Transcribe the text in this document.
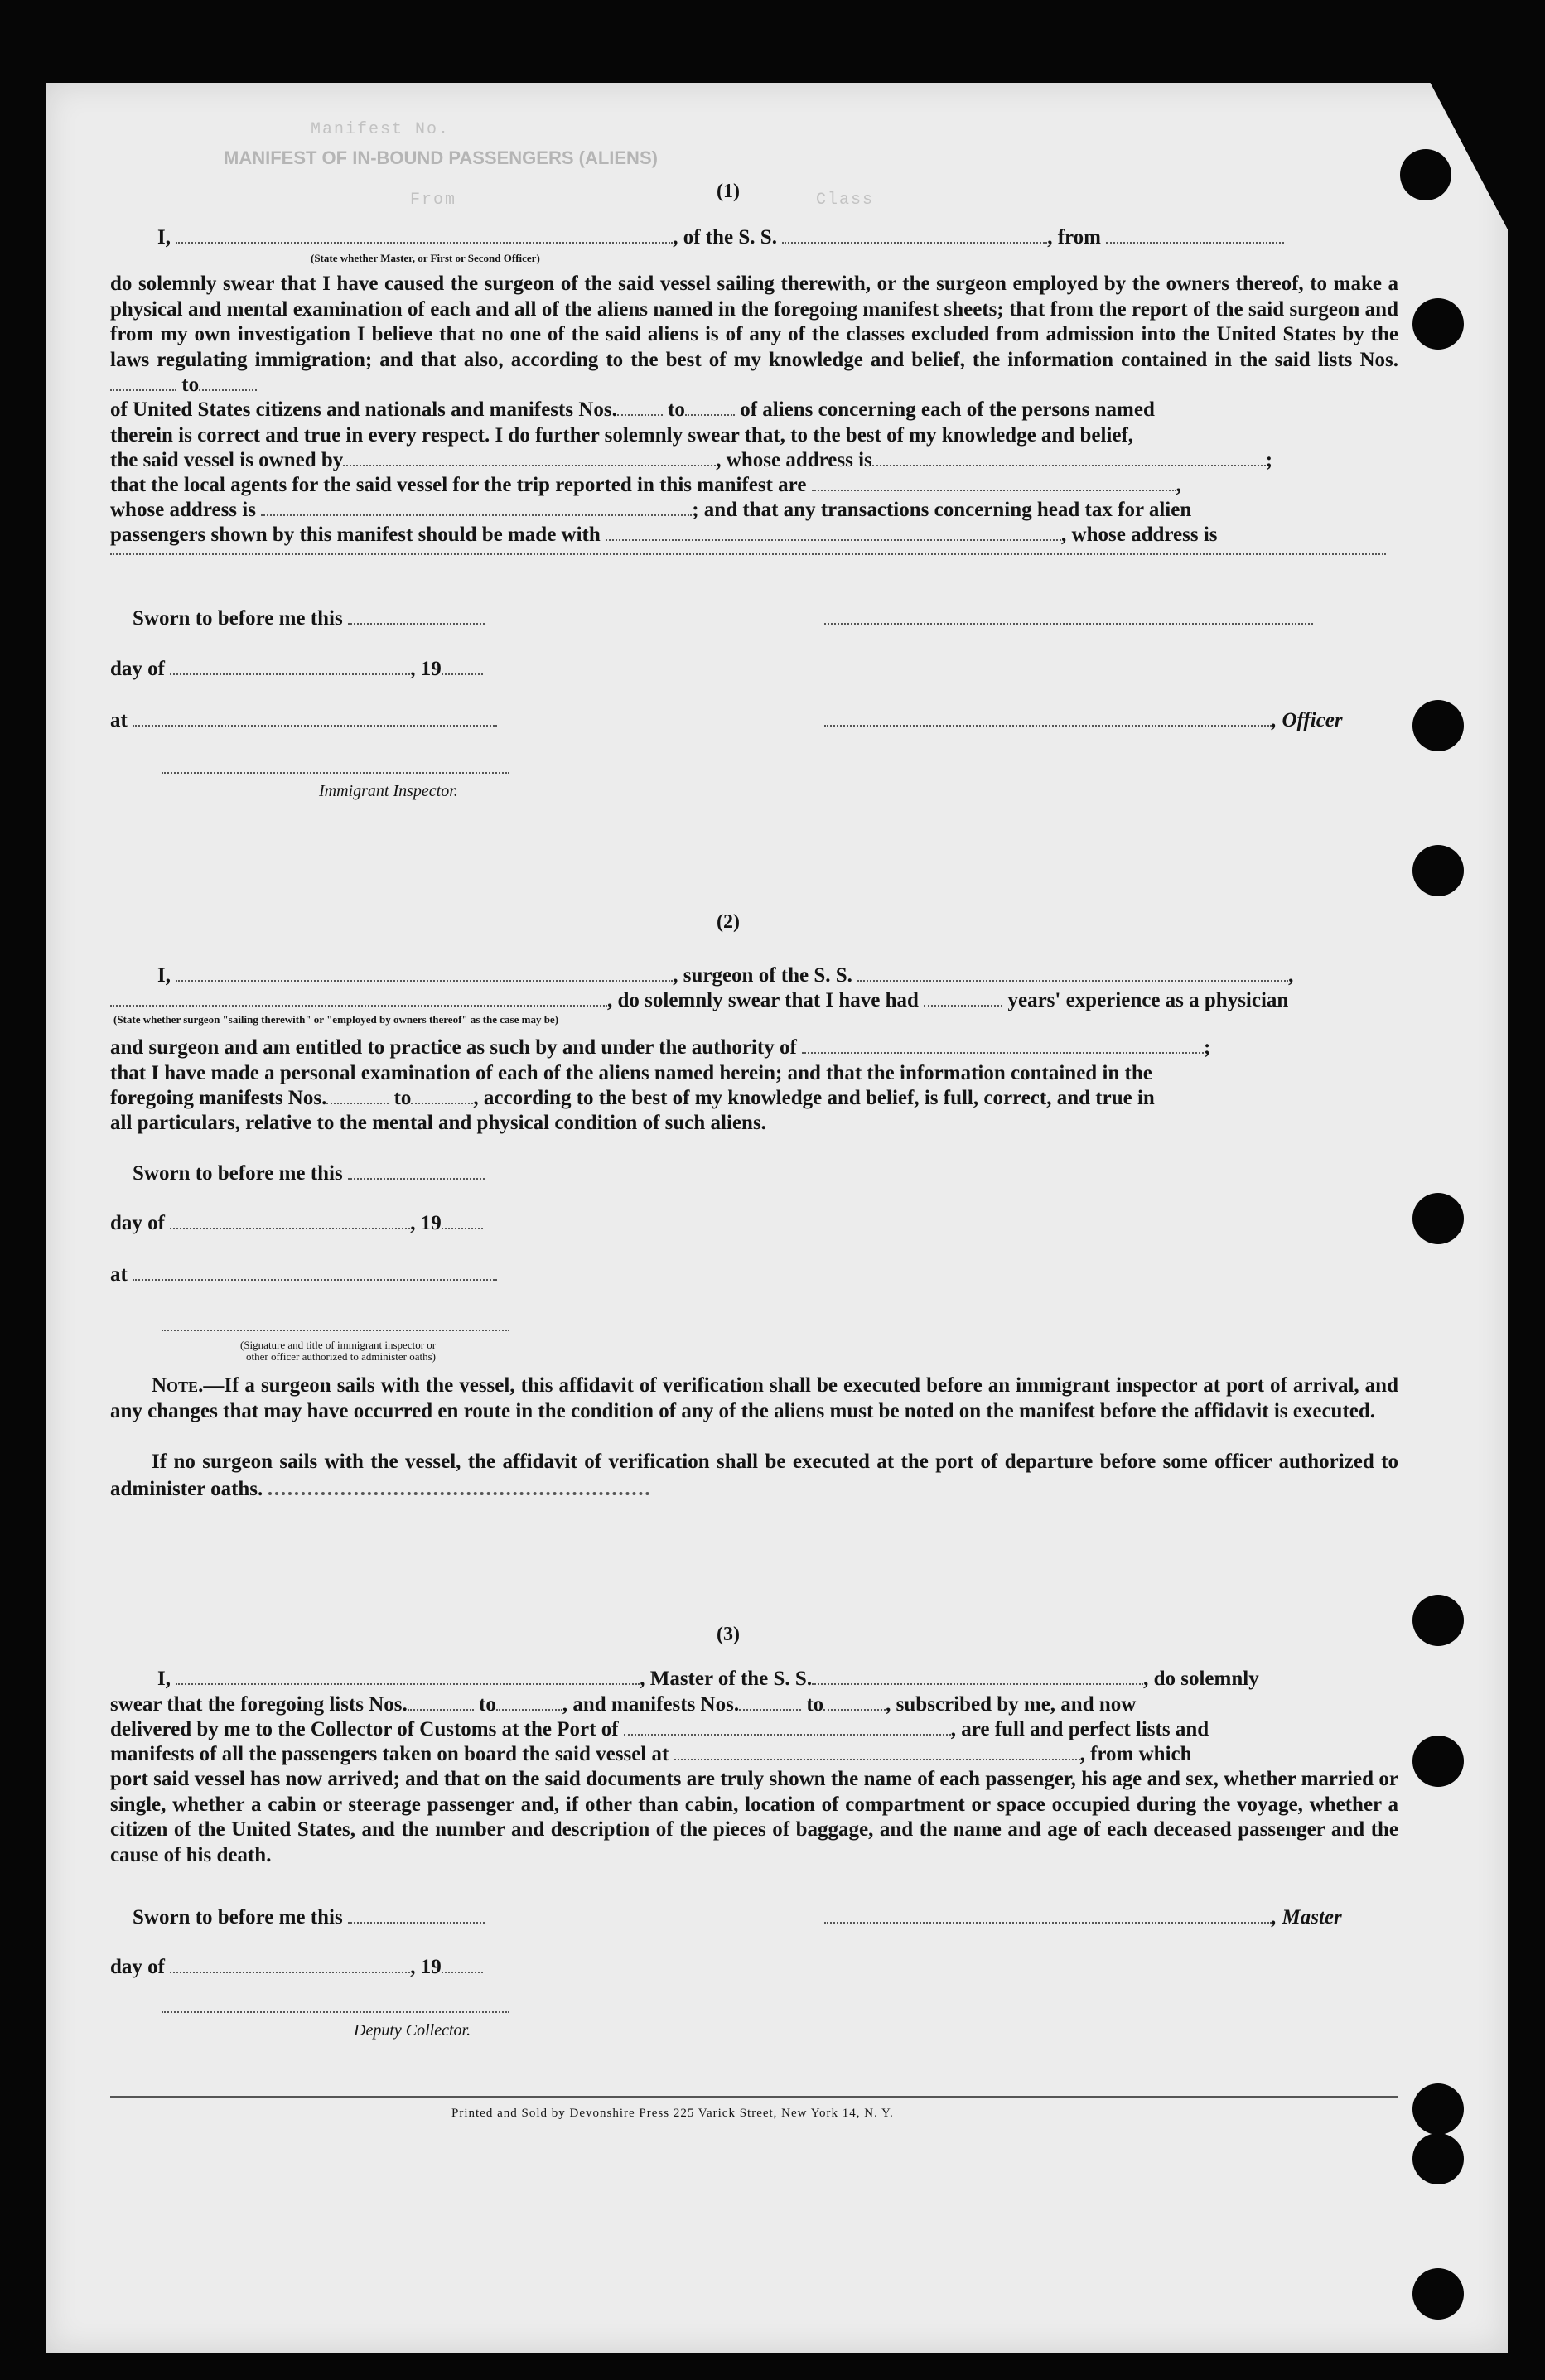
MANIFEST OF IN-BOUND PASSENGERS (ALIENS)
Manifest No.
Class
From	(1)
I,	, of the S. S.	, from
(State whether Master, or First or Second Officer)
do solemnly swear that I have caused the surgeon of the said vessel sailing therewith, or the surgeon employed by the owners thereof, to make a physical and mental examination of each and all of the aliens named in the foregoing manifest sheets; that from the report of the said surgeon and from my own investigation I believe that no one of the said aliens is of any of the classes excluded from admission into the United States by the laws regulating immigration; and that also, according to the best of my knowledge and belief, the information contained in the said lists Nos. to
of United States citizens and nationals and manifests Nos. to	of aliens concerning each of the persons named
therein is correct and true in every respect. I do further solemnly swear that, to the best of my knowledge and belief,
the said vessel is owned by	, whose address is	;
that the local agents for the said vessel for the trip reported in this manifest are	,
whose address is	; and that any transactions concerning head tax for alien
passengers shown by this manifest should be made with	, whose address is
Sworn to before me this
day of	, 19
at	, Officer
Immigrant Inspector.
(2)
I,	, surgeon of the S. S.	,
, do solemnly swear that I have had	years' experience as a physician
(State whether surgeon "sailing therewith" or "employed by owners thereof" as the case may be)
and surgeon and am entitled to practice as such by and under the authority of	;
that I have made a personal examination of each of the aliens named herein; and that the information contained in the
foregoing manifests Nos.	to	, according to the best of my knowledge and belief, is full, correct, and true in
all particulars, relative to the mental and physical condition of such aliens.
Sworn to before me this
day of	, 19
at
(Signature and title of immigrant inspector or
other officer authorized to administer oaths)
Note.—If a surgeon sails with the vessel, this affidavit of verification shall be executed before an immigrant inspector at port of arrival, and any changes that may have occurred en route in the condition of any of the aliens must be noted on the manifest before the affidavit is executed.
If no surgeon sails with the vessel, the affidavit of verification shall be executed at the port of departure before some officer authorized to administer oaths.
(3)
I,	, Master of the S. S.	, do solemnly
swear that the foregoing lists Nos.	to	, and manifests Nos.	to	, subscribed by me, and now
delivered by me to the Collector of Customs at the Port of	, are full and perfect lists and
manifests of all the passengers taken on board the said vessel at	, from which
port said vessel has now arrived; and that on the said documents are truly shown the name of each passenger, his age and sex, whether married or single, whether a cabin or steerage passenger and, if other than cabin, location of compartment or space occupied during the voyage, whether a citizen of the United States, and the number and description of the pieces of baggage, and the name and age of each deceased passenger and the cause of his death.
Sworn to before me this	, Master
day of	, 19
Deputy Collector.
Printed and Sold by Devonshire Press 225 Varick Street, New York 14, N. Y.
